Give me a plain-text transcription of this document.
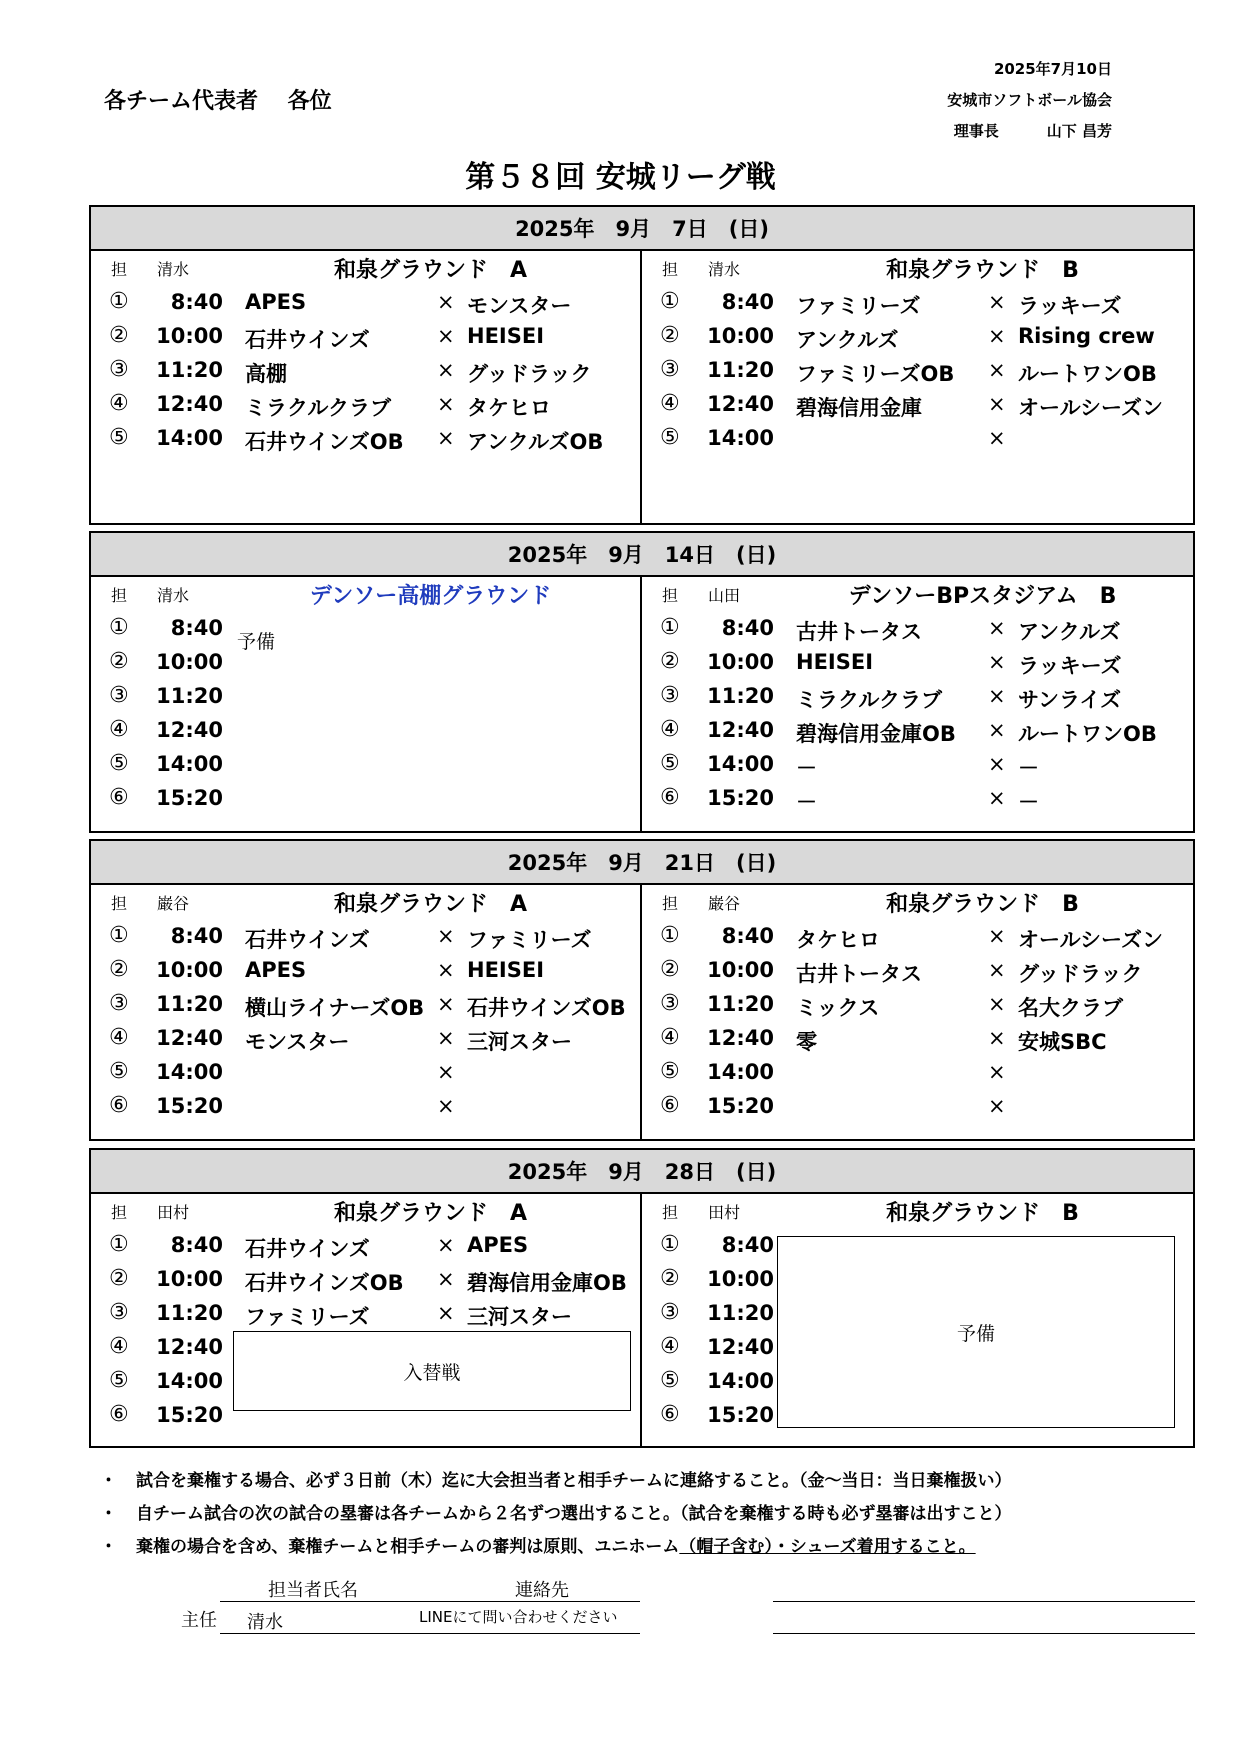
各チーム代表者　 各位
2025年7月10日
安城市ソフトボール協会
理事長	山下 昌芳
第５８回 安城リーグ戦
2025年　9月　7日　(日)
担 清水	和泉グラウンド　A
①	8:40 APES	× モンスター
②	10:00 石井ウインズ	× HEISEI
③	11:20 高棚	× グッドラック
④	12:40 ミラクルクラブ	× タケヒロ
⑤	14:00 石井ウインズOB	× アンクルズOB
担 清水	和泉グラウンド　B
①	8:40 ファミリーズ	× ラッキーズ
②	10:00 アンクルズ	× Rising crew
③	11:20 ファミリーズOB	× ルートワンOB
④	12:40 碧海信用金庫	× オールシーズン
⑤	14:00	×
2025年　9月　14日　(日)
担 清水	デンソー高棚グラウンド
①	8:40
②	10:00
③	11:20
④	12:40
⑤	14:00
⑥	15:20
予備
担 山田	デンソーBPスタジアム　B
①	8:40 古井トータス	× アンクルズ
②	10:00 HEISEI	× ラッキーズ
③	11:20 ミラクルクラブ	× サンライズ
④	12:40 碧海信用金庫OB	× ルートワンOB
⑤	14:00 －	× －
⑥	15:20 －	× －
2025年　9月　21日　(日)
担 巌谷	和泉グラウンド　A
①	8:40 石井ウインズ	× ファミリーズ
②	10:00 APES	× HEISEI
③	11:20 横山ライナーズOB × 石井ウインズOB
④	12:40 モンスター	× 三河スター
⑤	14:00	×
⑥	15:20	×
担 巌谷	和泉グラウンド　B
①	8:40 タケヒロ	× オールシーズン
②	10:00 古井トータス	× グッドラック
③	11:20 ミックス	× 名大クラブ
④	12:40 零	× 安城SBC
⑤	14:00	×
⑥	15:20	×
2025年　9月　28日　(日)
担 田村	和泉グラウンド　A
①	8:40 石井ウインズ	× APES
②	10:00 石井ウインズOB	× 碧海信用金庫OB
③	11:20 ファミリーズ	× 三河スター
④	12:40
⑤	14:00
⑥	15:20
入替戦
担 田村	和泉グラウンド　B
①	8:40
②	10:00
③	11:20
④	12:40
⑤	14:00
⑥	15:20
予備
・ 試合を棄権する場合、必ず３日前（木）迄に大会担当者と相手チームに連絡すること。（金～当日：当日棄権扱い）
・ 自チーム試合の次の試合の塁審は各チームから２名ずつ選出すること。（試合を棄権する時も必ず塁審は出すこと）
・ 棄権の場合を含め、棄権チームと相手チームの審判は原則、ユニホーム（帽子含む）・シューズ着用すること。
担当者氏名	連絡先
主任 清水	LINEにて問い合わせください
